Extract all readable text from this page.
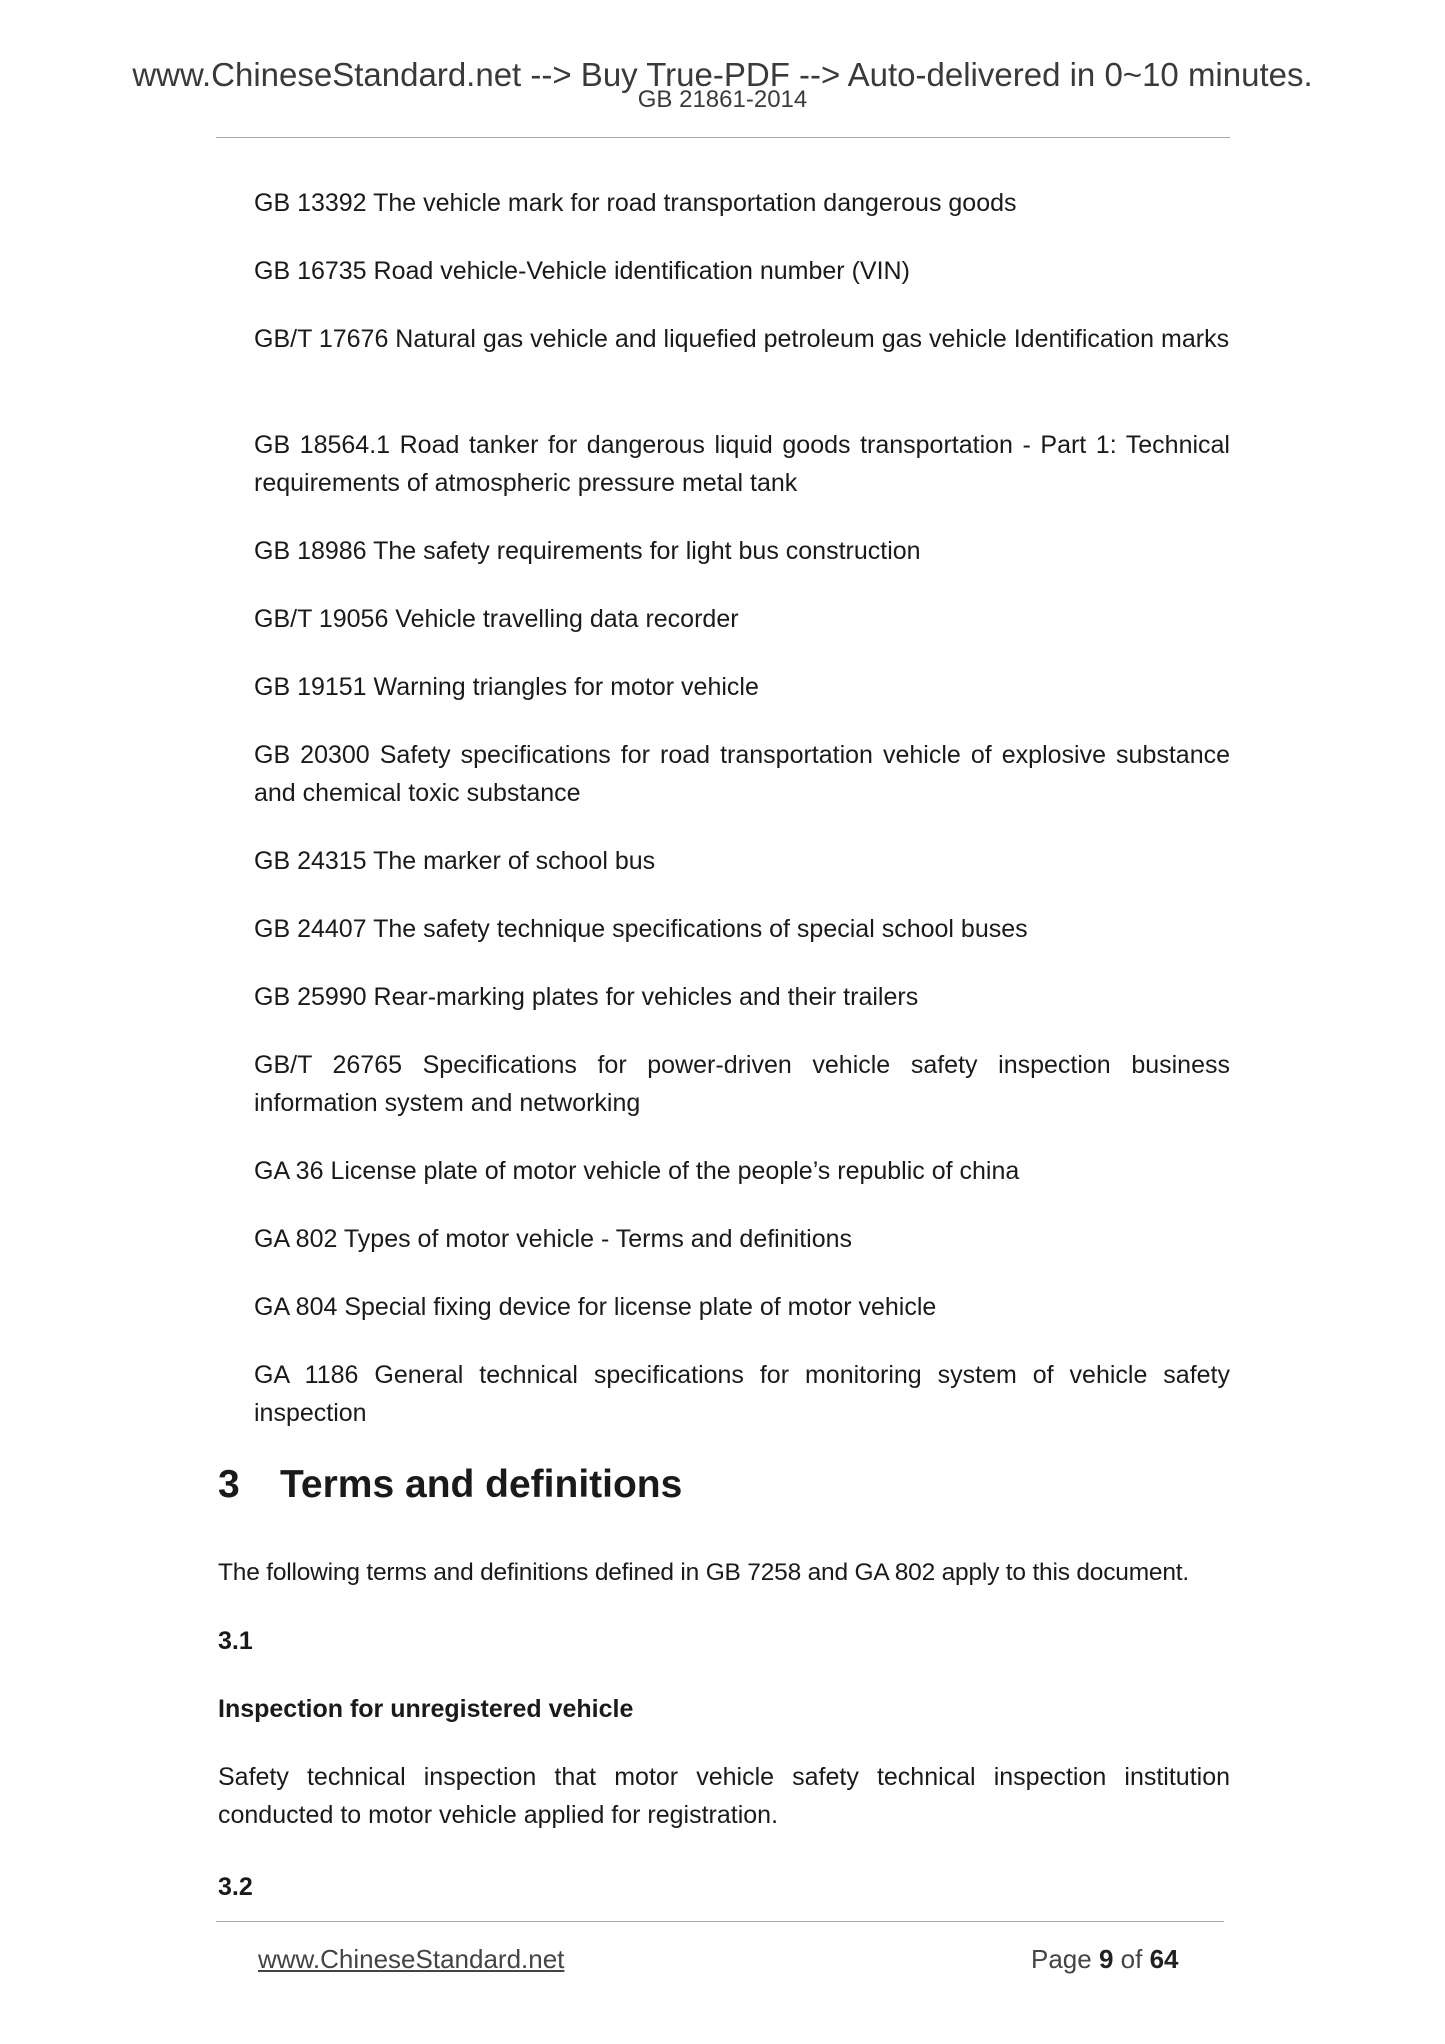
www.ChineseStandard.net --> Buy True-PDF --> Auto-delivered in 0~10 minutes.
GB 21861-2014
GB 13392 The vehicle mark for road transportation dangerous goods
GB 16735 Road vehicle-Vehicle identification number (VIN)
GB/T 17676 Natural gas vehicle and liquefied petroleum gas vehicle Identification marks
GB 18564.1 Road tanker for dangerous liquid goods transportation - Part 1: Technical requirements of atmospheric pressure metal tank
GB 18986 The safety requirements for light bus construction
GB/T 19056 Vehicle travelling data recorder
GB 19151 Warning triangles for motor vehicle
GB 20300 Safety specifications for road transportation vehicle of explosive substance and chemical toxic substance
GB 24315 The marker of school bus
GB 24407 The safety technique specifications of special school buses
GB 25990 Rear-marking plates for vehicles and their trailers
GB/T 26765 Specifications for power-driven vehicle safety inspection business information system and networking
GA 36 License plate of motor vehicle of the people’s republic of china
GA 802 Types of motor vehicle - Terms and definitions
GA 804 Special fixing device for license plate of motor vehicle
GA 1186 General technical specifications for monitoring system of vehicle safety inspection
3 Terms and definitions

The following terms and definitions defined in GB 7258 and GA 802 apply to this document.

3.1

Inspection for unregistered vehicle

Safety technical inspection that motor vehicle safety technical inspection institution conducted to motor vehicle applied for registration.

3.2

www.ChineseStandard.net	Page 9 of 64
